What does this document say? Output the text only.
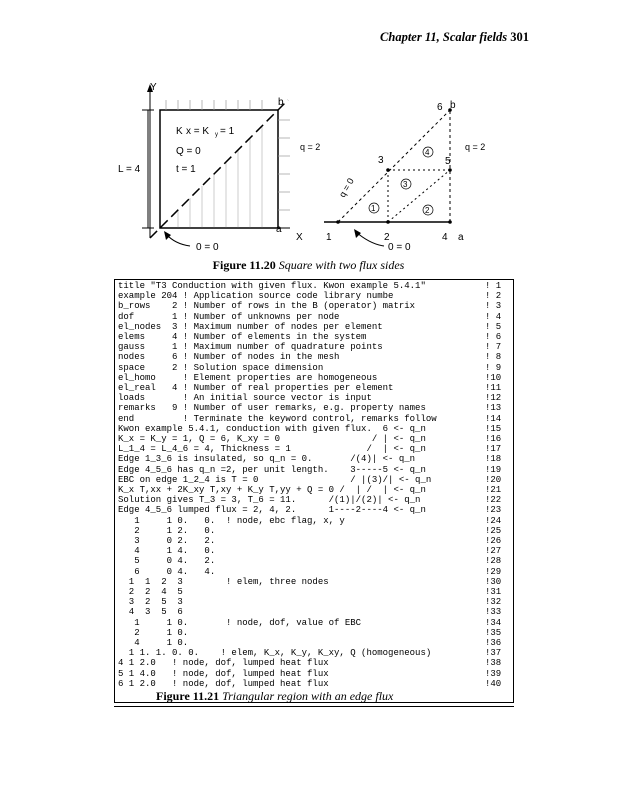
Chapter 11, Scalar fields 301
Y
L = 4
K x = K y = 1
Q = 0
t = 1
b
a
X
0 = 0
q = 2
1	2
3
4
5
6
a
b
1	2
3
4
q = 0
q = 2
0 = 0
Figure 11.20 Square with two flux sides
title "T3 Conduction with given flux. Kwon example 5.4.1"	! 1
example 204 ! Application source code library numbe	! 2
b_rows    2 ! Number of rows in the B (operator) matrix	! 3
dof       1 ! Number of unknowns per node	! 4
el_nodes  3 ! Maximum number of nodes per element	! 5
elems     4 ! Number of elements in the system	! 6
gauss     1 ! Maximum number of quadrature points	! 7
nodes     6 ! Number of nodes in the mesh	! 8
space     2 ! Solution space dimension	! 9
el_homo     ! Element properties are homogeneous	!10
el_real   4 ! Number of real properties per element	!11
loads       ! An initial source vector is input	!12
remarks   9 ! Number of user remarks, e.g. property names	!13
end         ! Terminate the keyword control, remarks follow	!14
Kwon example 5.4.1, conduction with given flux.  6 <- q_n	!15
K_x = K_y = 1, Q = 6, K_xy = 0                 / | <- q_n	!16
L_1_4 = L_4_6 = 4, Thickness = 1              /  | <- q_n	!17
Edge 1_3_6 is insulated, so q_n = 0.       /(4)| <- q_n	!18
Edge 4_5_6 has q_n =2, per unit length.    3-----5 <- q_n	!19
EBC on edge 1_2_4 is T = 0                 / |(3)/| <- q_n	!20
K_x T,xx + 2K_xy T,xy + K_y T,yy + Q = 0 /  | /  | <- q_n	!21
Solution gives T_3 = 3, T_6 = 11.      /(1)|/(2)| <- q_n	!22
Edge 4_5_6 lumped flux = 2, 4, 2.      1----2----4 <- q_n	!23
1     1 0.   0.  ! node, ebc flag, x, y	!24
2     1 2.   0.	!25
3     0 2.   2.	!26
4     1 4.   0.	!27
5     0 4.   2.	!28
6     0 4.   4.	!29
1  1  2  3        ! elem, three nodes	!30
2  2  4  5	!31
3  2  5  3	!32
4  3  5  6	!33
1     1 0.       ! node, dof, value of EBC	!34
2     1 0.	!35
4     1 0.	!36
1 1. 1. 0. 0.    ! elem, K_x, K_y, K_xy, Q (homogeneous)	!37
4 1 2.0   ! node, dof, lumped heat flux	!38
5 1 4.0   ! node, dof, lumped heat flux	!39
6 1 2.0   ! node, dof, lumped heat flux	!40
Figure 11.21 Triangular region with an edge flux
